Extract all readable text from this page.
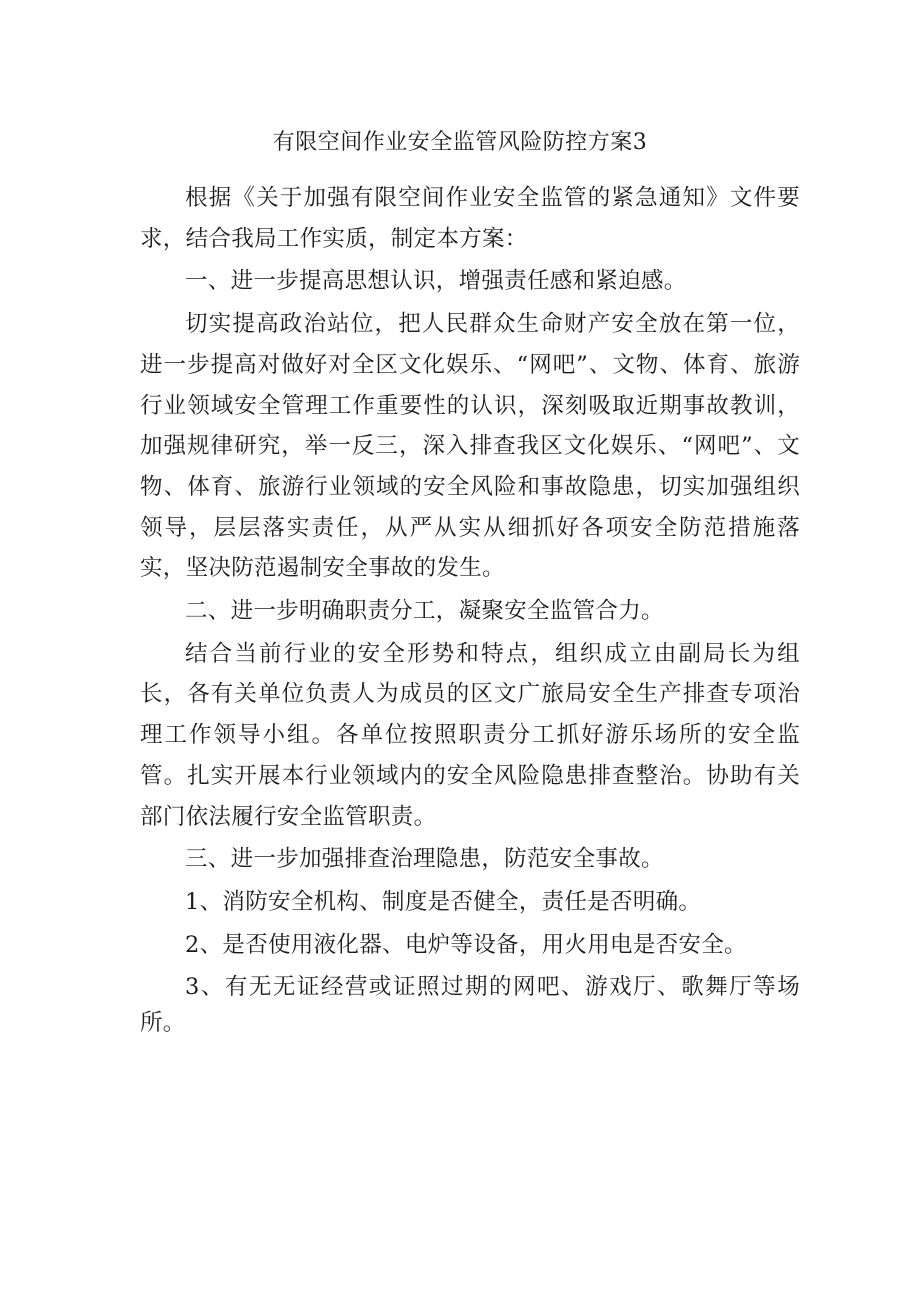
有限空间作业安全监管风险防控方案3

根据《关于加强有限空间作业安全监管的紧急通知》文件要求，结合我局工作实质，制定本方案：

一、进一步提高思想认识，增强责任感和紧迫感。

切实提高政治站位，把人民群众生命财产安全放在第一位，进一步提高对做好对全区文化娱乐、“网吧”、文物、体育、旅游行业领域安全管理工作重要性的认识，深刻吸取近期事故教训，加强规律研究，举一反三，深入排查我区文化娱乐、“网吧”、文物、体育、旅游行业领域的安全风险和事故隐患，切实加强组织领导，层层落实责任，从严从实从细抓好各项安全防范措施落实，坚决防范遏制安全事故的发生。

二、进一步明确职责分工，凝聚安全监管合力。

结合当前行业的安全形势和特点，组织成立由副局长为组长，各有关单位负责人为成员的区文广旅局安全生产排查专项治理工作领导小组。各单位按照职责分工抓好游乐场所的安全监管。扎实开展本行业领域内的安全风险隐患排查整治。协助有关部门依法履行安全监管职责。

三、进一步加强排查治理隐患，防范安全事故。

1、消防安全机构、制度是否健全，责任是否明确。

2、是否使用液化器、电炉等设备，用火用电是否安全。

3、有无无证经营或证照过期的网吧、游戏厅、歌舞厅等场所。
